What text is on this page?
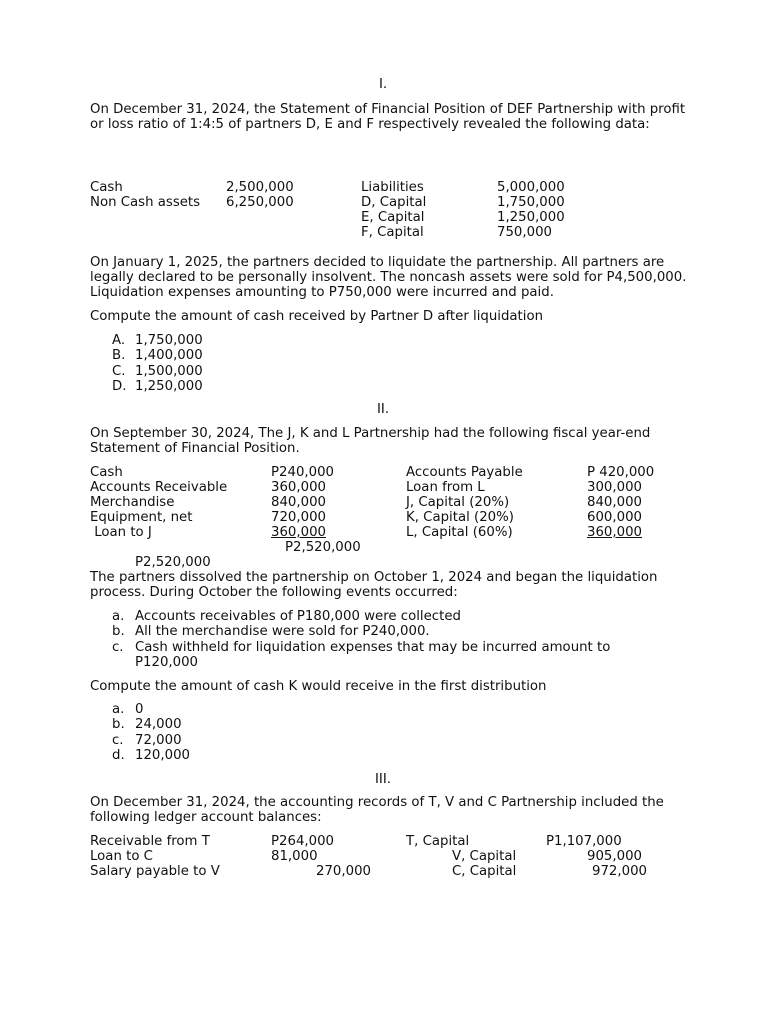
I.
On December 31, 2024, the Statement of Financial Position of DEF Partnership with profit or loss ratio of 1:4:5 of partners D, E and F respectively revealed the following data:
Cash	2,500,000	Liabilities	5,000,000
Non Cash assets 6,250,000	D, Capital	1,750,000
E, Capital	1,250,000
F, Capital	750,000
On January 1, 2025, the partners decided to liquidate the partnership. All partners are legally declared to be personally insolvent. The noncash assets were sold for P4,500,000. Liquidation expenses amounting to P750,000 were incurred and paid.
Compute the amount of cash received by Partner D after liquidation
A. 1,750,000
B. 1,400,000
C. 1,500,000
D. 1,250,000
II.
On September 30, 2024, The J, K and L Partnership had the following fiscal year-end Statement of Financial Position.
Cash	P240,000	Accounts Payable	P 420,000
Accounts Receivable	360,000	Loan from L	300,000
Merchandise	840,000	J, Capital (20%)	840,000
Equipment, net	720,000	K, Capital (20%)	600,000
Loan to J	360,000	L, Capital (60%)	360,000
P2,520,000
P2,520,000
The partners dissolved the partnership on October 1, 2024 and began the liquidation process. During October the following events occurred:
a. Accounts receivables of P180,000 were collected
b. All the merchandise were sold for P240,000.
c. Cash withheld for liquidation expenses that may be incurred amount to
P120,000
Compute the amount of cash K would receive in the first distribution
a. 0
b. 24,000
c. 72,000
d. 120,000
III.
On December 31, 2024, the accounting records of T, V and C Partnership included the following ledger account balances:
Receivable from T	P264,000	T, Capital	P1,107,000
Loan to C	81,000	V, Capital	905,000
Salary payable to V	270,000	C, Capital	972,000
